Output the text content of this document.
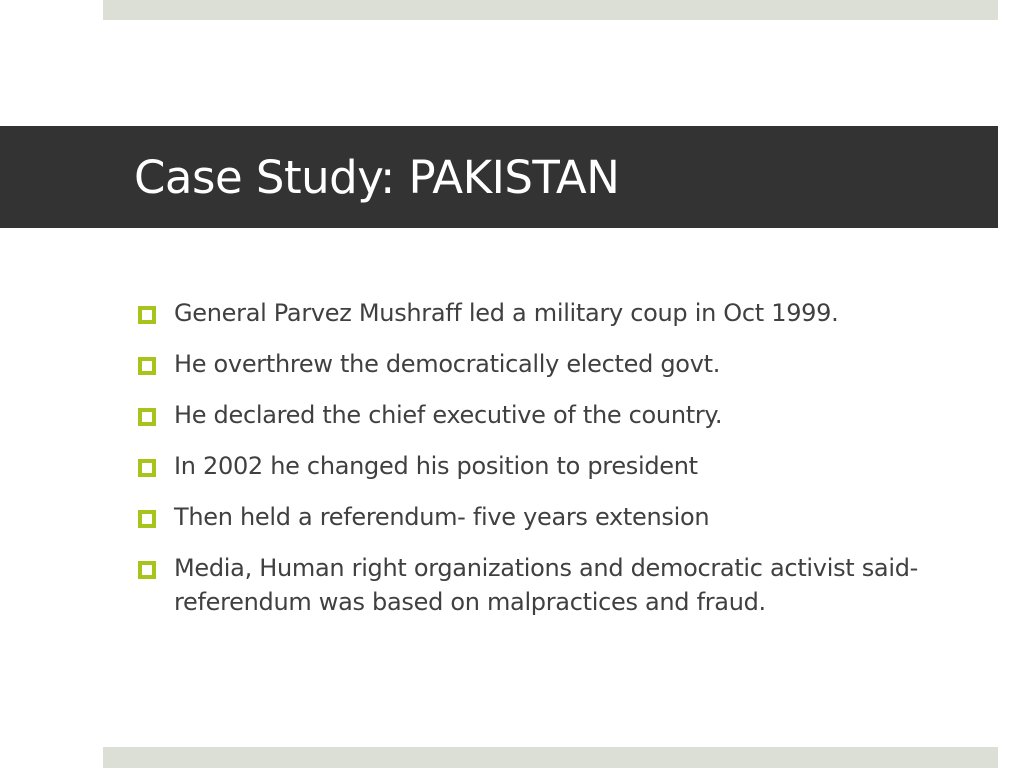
Case Study: PAKISTAN
General Parvez Mushraff led a military coup in Oct 1999.
He overthrew the democratically elected govt.
He declared the chief executive of the country.
In 2002 he changed his position to president
Then held a referendum- five years extension
Media, Human right organizations and democratic activist said- referendum was based on malpractices and fraud.
